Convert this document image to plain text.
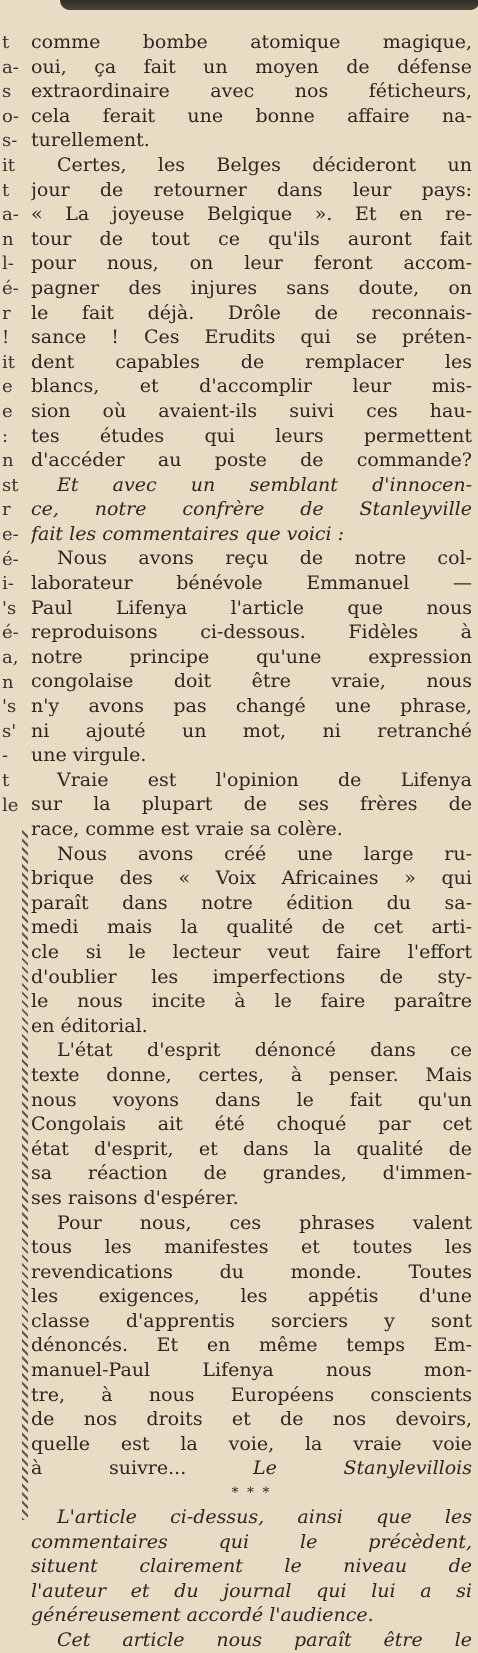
t
a-
s
o-
s-
it
t
a-
n
l-
é-
r
!
it
e
e
:
n
st
r
e-
é-
i-
's
é-
a,
n
's
s'
-
t
le
comme bombe atomique magique,
oui, ça fait un moyen de défense
extraordinaire avec nos féticheurs,
cela ferait une bonne affaire na-
turellement.
Certes, les Belges décideront un
jour de retourner dans leur pays:
« La joyeuse Belgique ». Et en re-
tour de tout ce qu'ils auront fait
pour nous, on leur feront accom-
pagner des injures sans doute, on
le fait déjà. Drôle de reconnais-
sance ! Ces Erudits qui se préten-
dent capables de remplacer les
blancs, et d'accomplir leur mis-
sion où avaient-ils suivi ces hau-
tes études qui leurs permettent
d'accéder au poste de commande?
Et avec un semblant d'innocen-
ce, notre confrère de Stanleyville
fait les commentaires que voici :
Nous avons reçu de notre col-
laborateur bénévole Emmanuel —
Paul Lifenya l'article que nous
reproduisons ci-dessous. Fidèles à
notre principe qu'une expression
congolaise doit être vraie, nous
n'y avons pas changé une phrase,
ni ajouté un mot, ni retranché
une virgule.
Vraie est l'opinion de Lifenya
sur la plupart de ses frères de
race, comme est vraie sa colère.
Nous avons créé une large ru-
brique des « Voix Africaines » qui
paraît dans notre édition du sa-
medi mais la qualité de cet arti-
cle si le lecteur veut faire l'effort
d'oublier les imperfections de sty-
le nous incite à le faire paraître
en éditorial.
L'état d'esprit dénoncé dans ce
texte donne, certes, à penser. Mais
nous voyons dans le fait qu'un
Congolais ait été choqué par cet
état d'esprit, et dans la qualité de
sa réaction de grandes, d'immen-
ses raisons d'espérer.
Pour nous, ces phrases valent
tous les manifestes et toutes les
revendications du monde. Toutes
les exigences, les appétis d'une
classe d'apprentis sorciers y sont
dénoncés. Et en même temps Em-
manuel-Paul Lifenya nous mon-
tre, à nous Européens conscients
de nos droits et de nos devoirs,
quelle est la voie, la vraie voie
à suivre...	Le Stanylevillois
* * *
L'article ci-dessus, ainsi que les
commentaires qui le précèdent,
situent clairement le niveau de
l'auteur et du journal qui lui a si
généreusement accordé l'audience.
Cet article nous paraît être le
